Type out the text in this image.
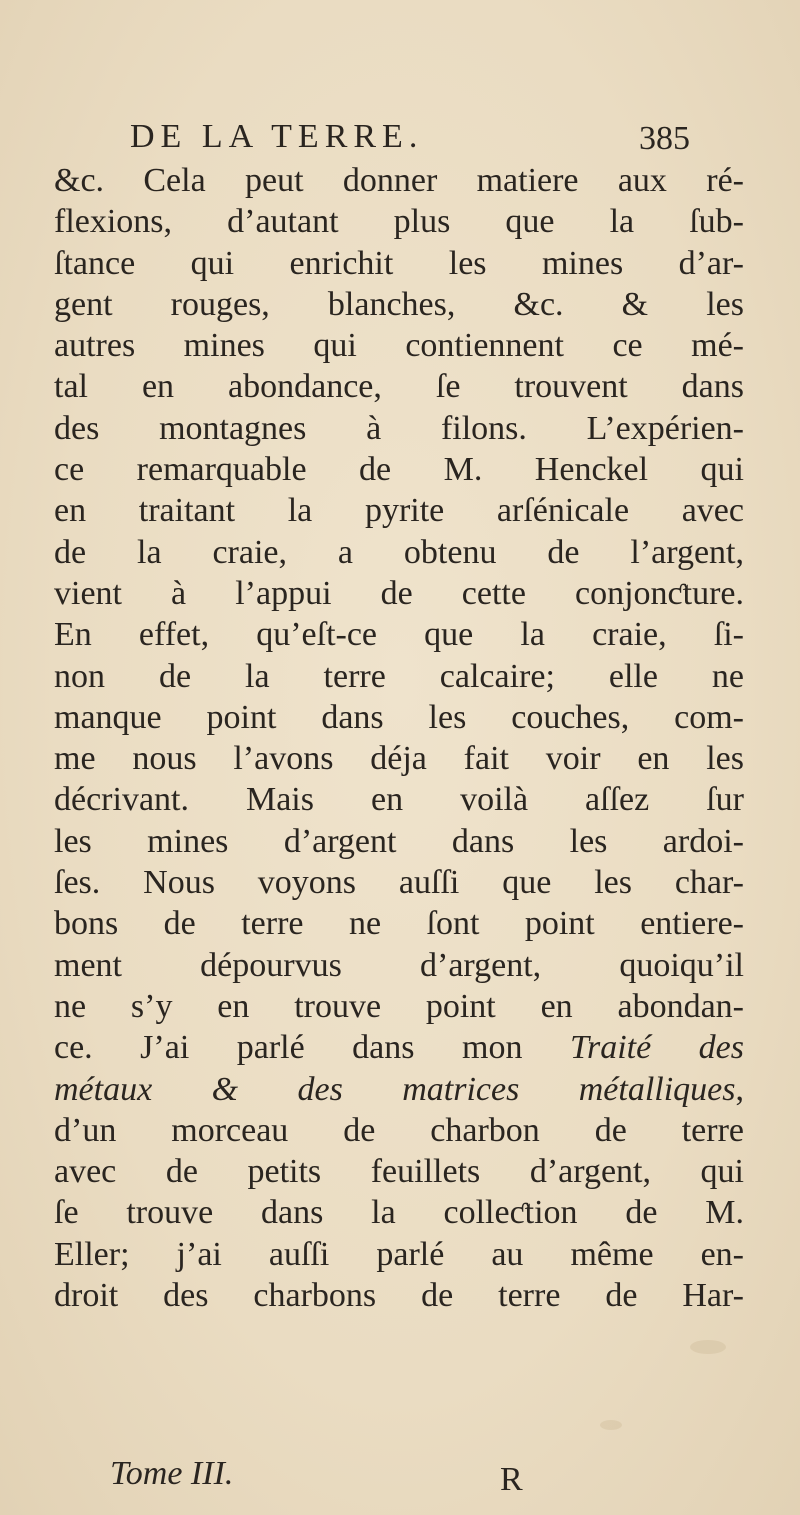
DE LA TERRE.	385
&c. Cela peut donner matiere aux ré-
flexions, d’autant plus que la ſub-
ſtance qui enrichit les mines d’ar-
gent rouges, blanches, &c. & les
autres mines qui contiennent ce mé-
tal en abondance, ſe trouvent dans
des montagnes à filons. L’expérien-
ce remarquable de M. Henckel qui
en traitant la pyrite arſénicale avec
de la craie, a obtenu de l’argent,
vient à l’appui de cette conjonƈture.
En effet, qu’eſt-ce que la craie, ſi-
non de la terre calcaire; elle ne
manque point dans les couches, com-
me nous l’avons déja fait voir en les
décrivant. Mais en voilà aſſez ſur
les mines d’argent dans les ardoi-
ſes. Nous voyons auſſi que les char-
bons de terre ne ſont point entiere-
ment dépourvus d’argent, quoiqu’il
ne s’y en trouve point en abondan-
ce. J’ai parlé dans mon Traité des
métaux & des matrices métalliques,
d’un morceau de charbon de terre
avec de petits feuillets d’argent, qui
ſe trouve dans la colleƈtion de M.
Eller; j’ai auſſi parlé au même en-
droit des charbons de terre de Har-
Tome III.	R
